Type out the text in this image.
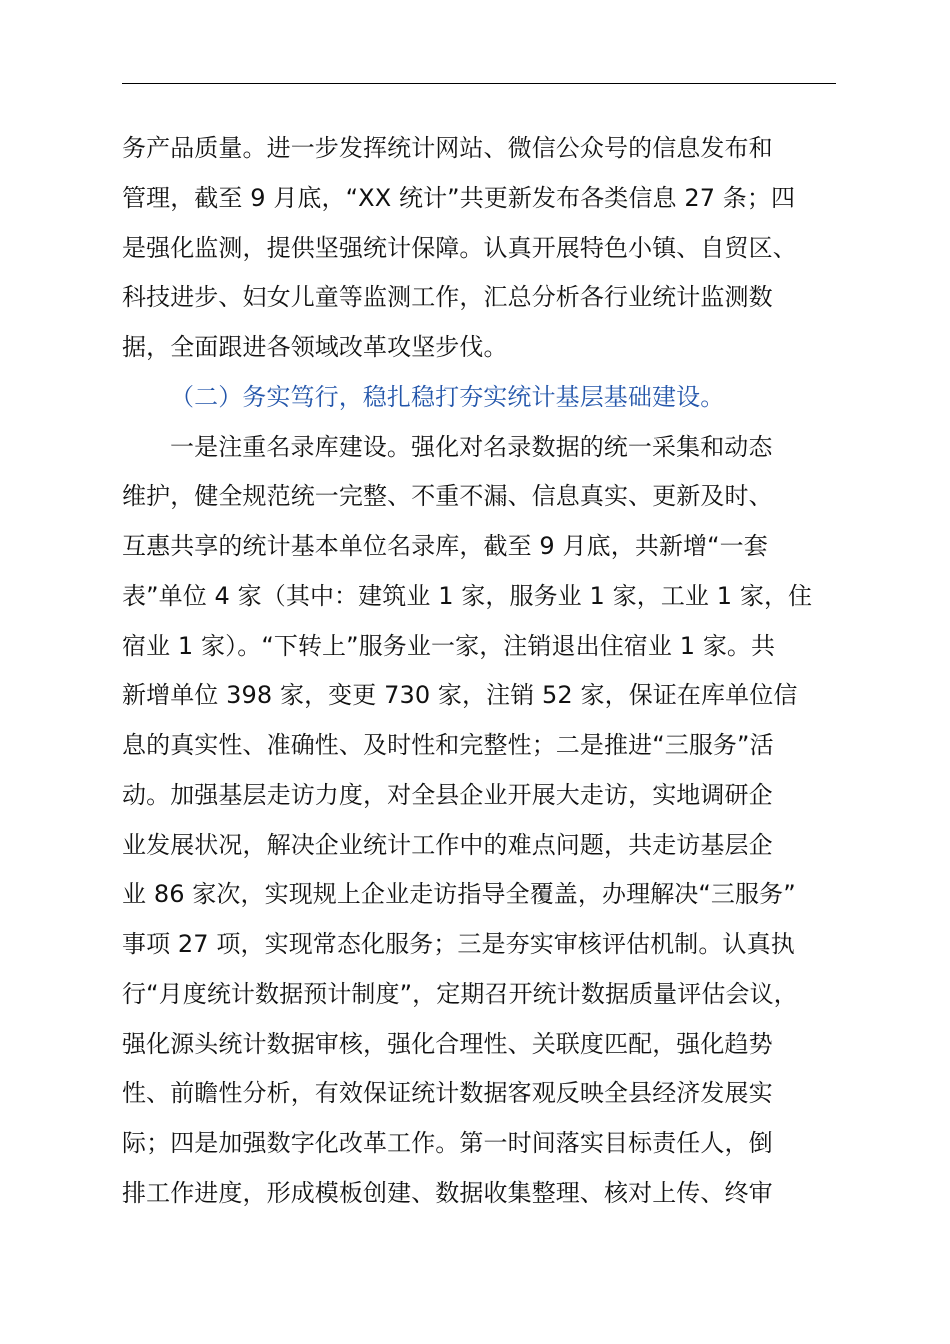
务产品质量。进一步发挥统计网站、微信公众号的信息发布和
管理，截至 9 月底，“XX 统计”共更新发布各类信息 27 条；四
是强化监测，提供坚强统计保障。认真开展特色小镇、自贸区、
科技进步、妇女儿童等监测工作，汇总分析各行业统计监测数
据，全面跟进各领域改革攻坚步伐。
（二）务实笃行，稳扎稳打夯实统计基层基础建设。
一是注重名录库建设。强化对名录数据的统一采集和动态
维护，健全规范统一完整、不重不漏、信息真实、更新及时、
互惠共享的统计基本单位名录库，截至 9 月底，共新增“一套
表”单位 4 家（其中：建筑业 1 家，服务业 1 家，工业 1 家，住
宿业 1 家）。“下转上”服务业一家，注销退出住宿业 1 家。共
新增单位 398 家，变更 730 家，注销 52 家，保证在库单位信
息的真实性、准确性、及时性和完整性；二是推进“三服务”活
动。加强基层走访力度，对全县企业开展大走访，实地调研企
业发展状况，解决企业统计工作中的难点问题，共走访基层企
业 86 家次，实现规上企业走访指导全覆盖，办理解决“三服务”
事项 27 项，实现常态化服务；三是夯实审核评估机制。认真执
行“月度统计数据预计制度”，定期召开统计数据质量评估会议，
强化源头统计数据审核，强化合理性、关联度匹配，强化趋势
性、前瞻性分析，有效保证统计数据客观反映全县经济发展实
际；四是加强数字化改革工作。第一时间落实目标责任人，倒
排工作进度，形成模板创建、数据收集整理、核对上传、终审
